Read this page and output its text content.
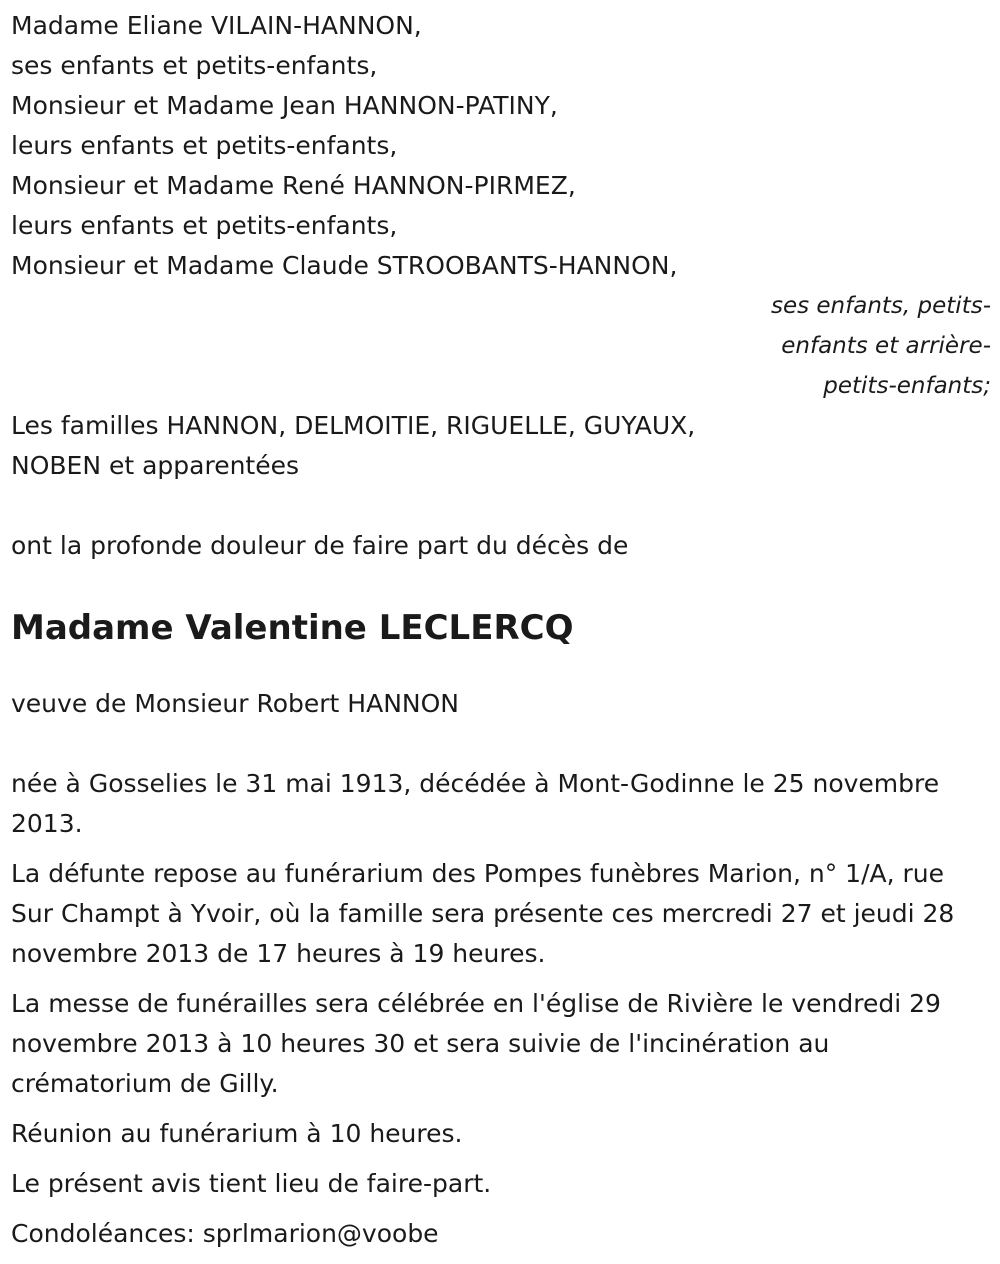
Madame Eliane VILAIN-HANNON,
ses enfants et petits-enfants,
Monsieur et Madame Jean HANNON-PATINY,
leurs enfants et petits-enfants,
Monsieur et Madame René HANNON-PIRMEZ,
leurs enfants et petits-enfants,
Monsieur et Madame Claude STROOBANTS-HANNON,
ses enfants, petits-
enfants et arrière-
petits-enfants;
Les familles HANNON, DELMOITIE, RIGUELLE, GUYAUX,
NOBEN et apparentées
ont la profonde douleur de faire part du décès de
Madame Valentine LECLERCQ
veuve de Monsieur Robert HANNON

née à Gosselies le 31 mai 1913, décédée à Mont-Godinne le 25 novembre 2013.

La défunte repose au funérarium des Pompes funèbres Marion, n° 1/A, rue Sur Champt à Yvoir, où la famille sera présente ces mercredi 27 et jeudi 28 novembre 2013 de 17 heures à 19 heures.

La messe de funérailles sera célébrée en l'église de Rivière le vendredi 29 novembre 2013 à 10 heures 30 et sera suivie de l'incinération au crématorium de Gilly.

Réunion au funérarium à 10 heures.

Le présent avis tient lieu de faire-part.

Condoléances: sprlmarion@voobe
